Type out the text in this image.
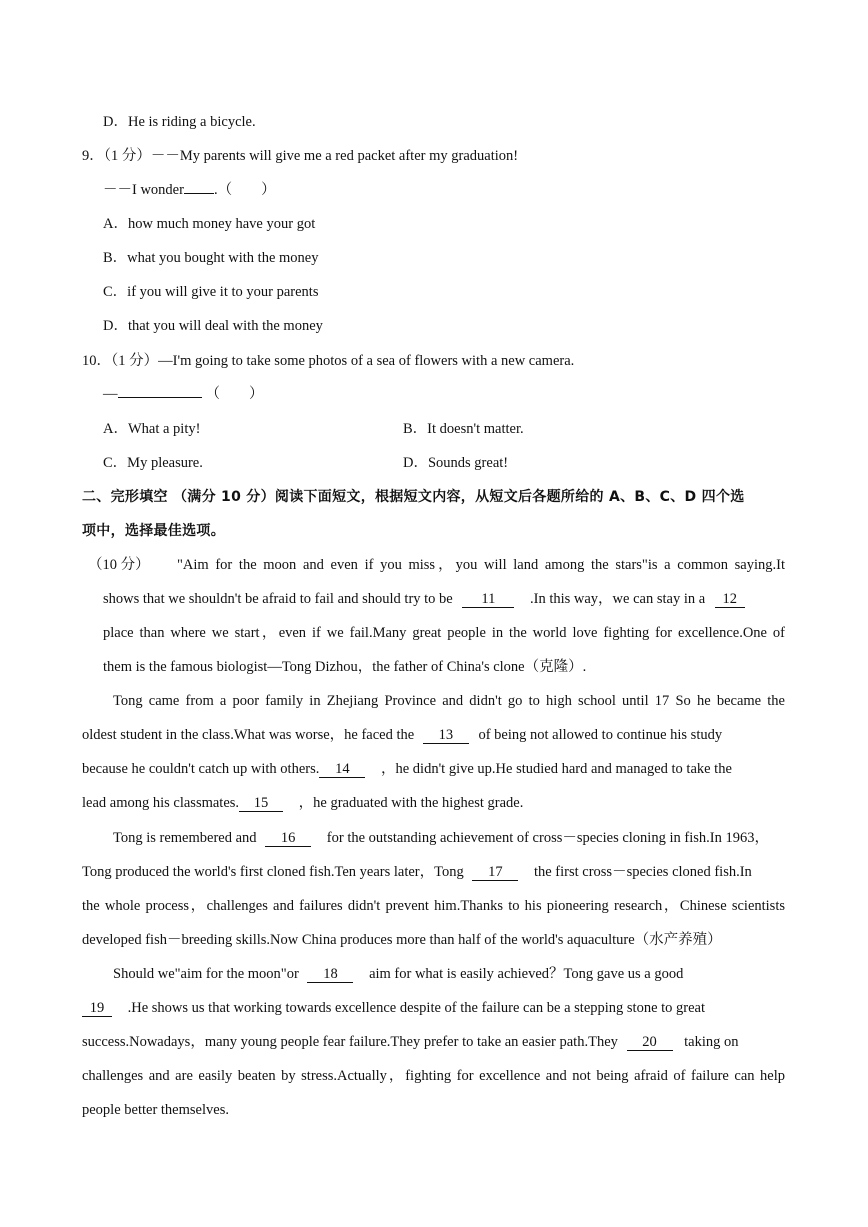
D．He is riding a bicycle.
9．（1 分）－－My parents will give me a red packet after my graduation!
－－I wonder .（　　）
A．how much money have your got
B．what you bought with the money
C．if you will give it to your parents
D．that you will deal with the money
10．（1 分）—I'm going to take some photos of a sea of flowers with a new camera.
—	（　　）
A．What a pity!	B．It doesn't matter.
C．My pleasure.	D．Sounds great!
二、完形填空 （满分 10 分）阅读下面短文，根据短文内容，从短文后各题所给的 A、B、C、D 四个选
项中，选择最佳选项。
（10 分） "Aim for the moon and even if you miss，you will land among the stars"is a common saying.It
shows that we shouldn't be afraid to fail and should try to be 11 .In this way，we can stay in a 12
place than where we start，even if we fail.Many great people in the world love fighting for excellence.One of
them is the famous biologist—Tong Dizhou，the father of China's clone（克隆）.
Tong came from a poor family in Zhejiang Province and didn't go to high school until 17 So he became the
oldest student in the class.What was worse，he faced the 13 of being not allowed to continue his study
because he couldn't catch up with others. 14 ，he didn't give up.He studied hard and managed to take the
lead among his classmates. 15 ，he graduated with the highest grade.
Tong is remembered and 16 for the outstanding achievement of cross－species cloning in fish.In 1963，
Tong produced the world's first cloned fish.Ten years later，Tong 17 the first cross－species cloned fish.In
the whole process，challenges and failures didn't prevent him.Thanks to his pioneering research，Chinese scientists
developed fish－breeding skills.Now China produces more than half of the world's aquaculture（水产养殖）
Should we"aim for the moon"or 18 aim for what is easily achieved？Tong gave us a good
19 .He shows us that working towards excellence despite of the failure can be a stepping stone to great
success.Nowadays，many young people fear failure.They prefer to take an easier path.They 20 taking on
challenges and are easily beaten by stress.Actually，fighting for excellence and not being afraid of failure can help
people better themselves.
